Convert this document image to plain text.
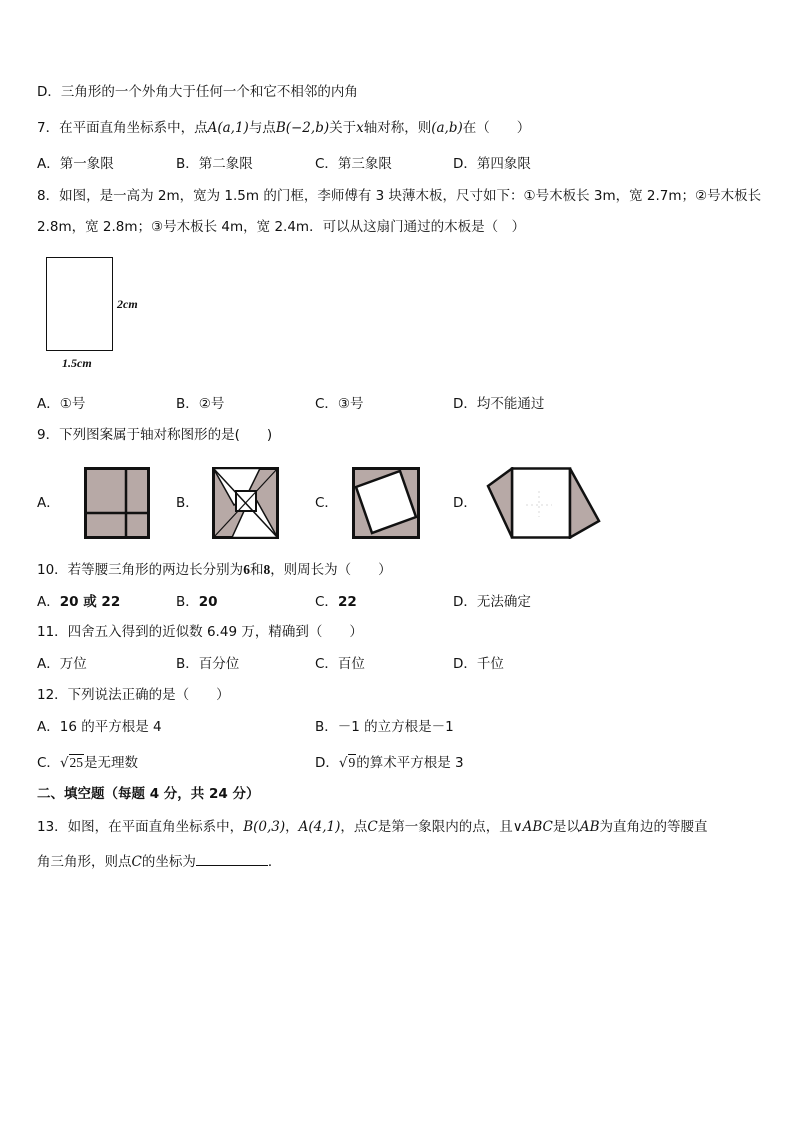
D．三角形的一个外角大于任何一个和它不相邻的内角
7．在平面直角坐标系中，点A(a,1)与点B(−2,b)关于x轴对称，则(a,b)在（　　）
A．第一象限	B．第二象限	C．第三象限	D．第四象限
8．如图，是一高为 2m，宽为 1.5m 的门框，李师傅有 3 块薄木板，尺寸如下：①号木板长 3m，宽 2.7m；②号木板长
2.8m，宽 2.8m；③号木板长 4m，宽 2.4m．可以从这扇门通过的木板是（　）
2cm
1.5cm
A．①号	B．②号	C．③号	D．均不能通过
9．下列图案属于轴对称图形的是(　　)
A．	B．	C．	D．
10．若等腰三角形的两边长分别为6和8，则周长为（　　）
A．20 或 22	B．20	C．22	D．无法确定
11．四舍五入得到的近似数 6.49 万，精确到（　　）
A．万位	B．百分位	C．百位	D．千位
12．下列说法正确的是（　　）
A．16 的平方根是 4	B．－1 的立方根是－1
C．√25是无理数	D．√9的算术平方根是 3
二、填空题（每题 4 分，共 24 分）
13．如图，在平面直角坐标系中，B(0,3)，A(4,1)，点C是第一象限内的点，且∨ABC是以AB为直角边的等腰直
角三角形，则点C的坐标为	．
